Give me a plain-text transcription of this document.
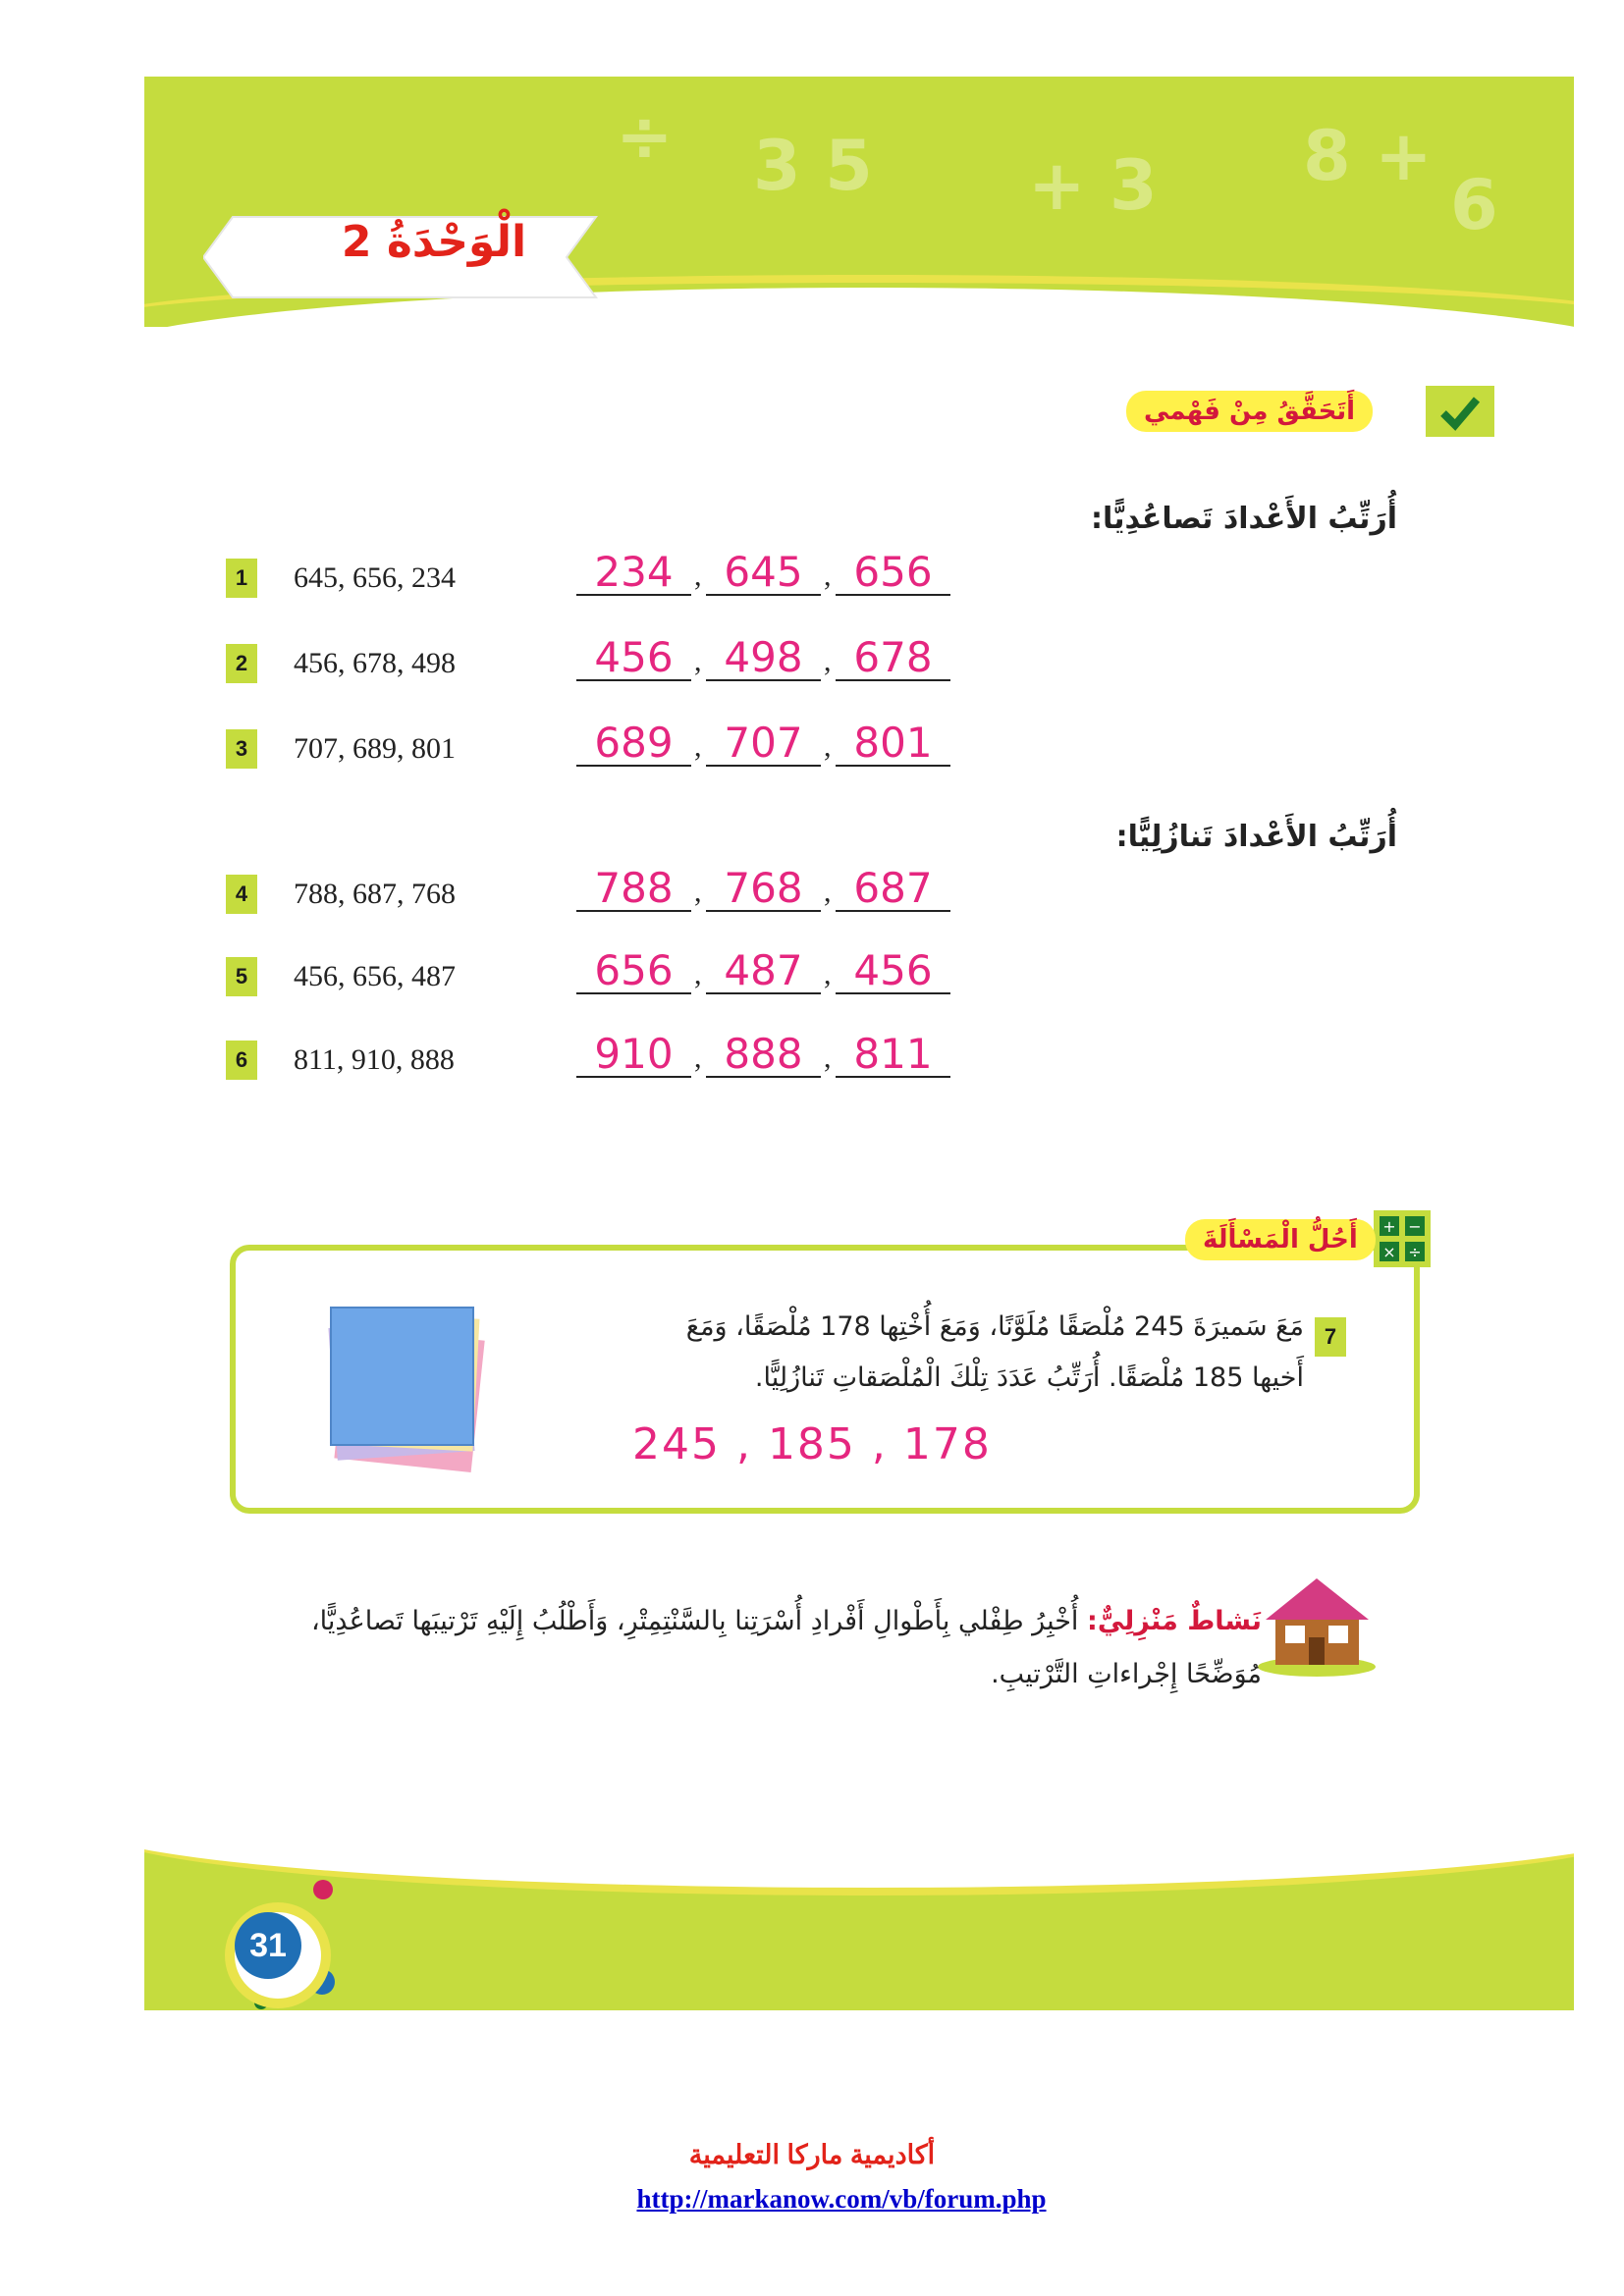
3 5 + 3 8 +
6
÷
الْوَحْدَةُ 2
أَتَحَقَّقُ مِنْ فَهْمي
أُرَتِّبُ الأَعْدادَ تَصاعُدِيًّا:
1	645, 656, 234	234 , 645 , 656
2	456, 678, 498	456 , 498 , 678
3	707, 689, 801	689 , 707 , 801
أُرَتِّبُ الأَعْدادَ تَنازُلِيًّا:
4	788, 687, 768	788 , 768 , 687
5	456, 656, 487	656 , 487 , 456
6	811, 910, 888	910 , 888 , 811
+ −
× ÷
أَحُلُّ الْمَسْأَلَةَ
7
مَعَ سَميرَةَ 245 مُلْصَقًا مُلَوَّنًا، وَمَعَ أُخْتِها 178 مُلْصَقًا، وَمَعَ
أَخيها 185 مُلْصَقًا. أُرَتِّبُ عَدَدَ تِلْكَ الْمُلْصَقاتِ تَنازُلِيًّا.
245 , 185 , 178
نَشاطٌ مَنْزِلِيٌّ: أُخْبِرُ طِفْلي بِأَطْوالِ أَفْرادِ أُسْرَتِنا بِالسَّنْتِمِتْرِ، وَأَطْلُبُ إِلَيْهِ تَرْتيبَها تَصاعُدِيًّا،
مُوَضِّحًا إِجْراءاتِ التَّرْتيبِ.
31
أكاديمية ماركا التعليمية
http://markanow.com/vb/forum.php
